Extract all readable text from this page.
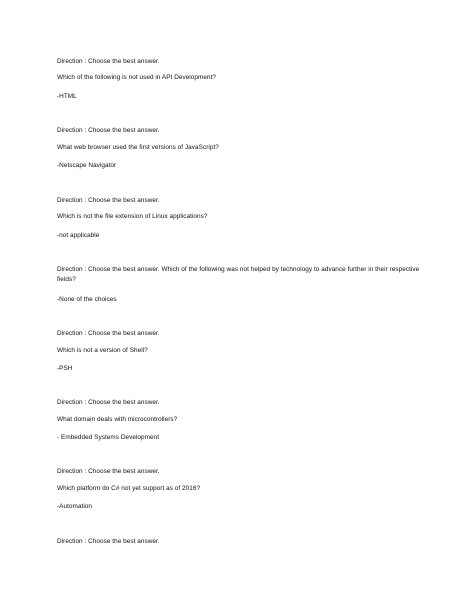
Direction : Choose the best answer.
Which of the following is not used in API Development?
-HTML
Direction : Choose the best answer.
What web browser used the first versions of JavaScript?
-Netscape Navigator
Direction : Choose the best answer.
Which is not the file extension of Linux applications?
-not applicable
Direction : Choose the best answer. Which of the following was not helped by technology to advance further in their respective fields?
-None of the choices
Direction : Choose the best answer.
Which is not a version of Shell?
-PSH
Direction : Choose the best answer.
What domain deals with microcontrollers?
- Embedded Systems Development
Direction : Choose the best answer.
Which platform do C# not yet support as of 2016?
-Automation
Direction : Choose the best answer.
